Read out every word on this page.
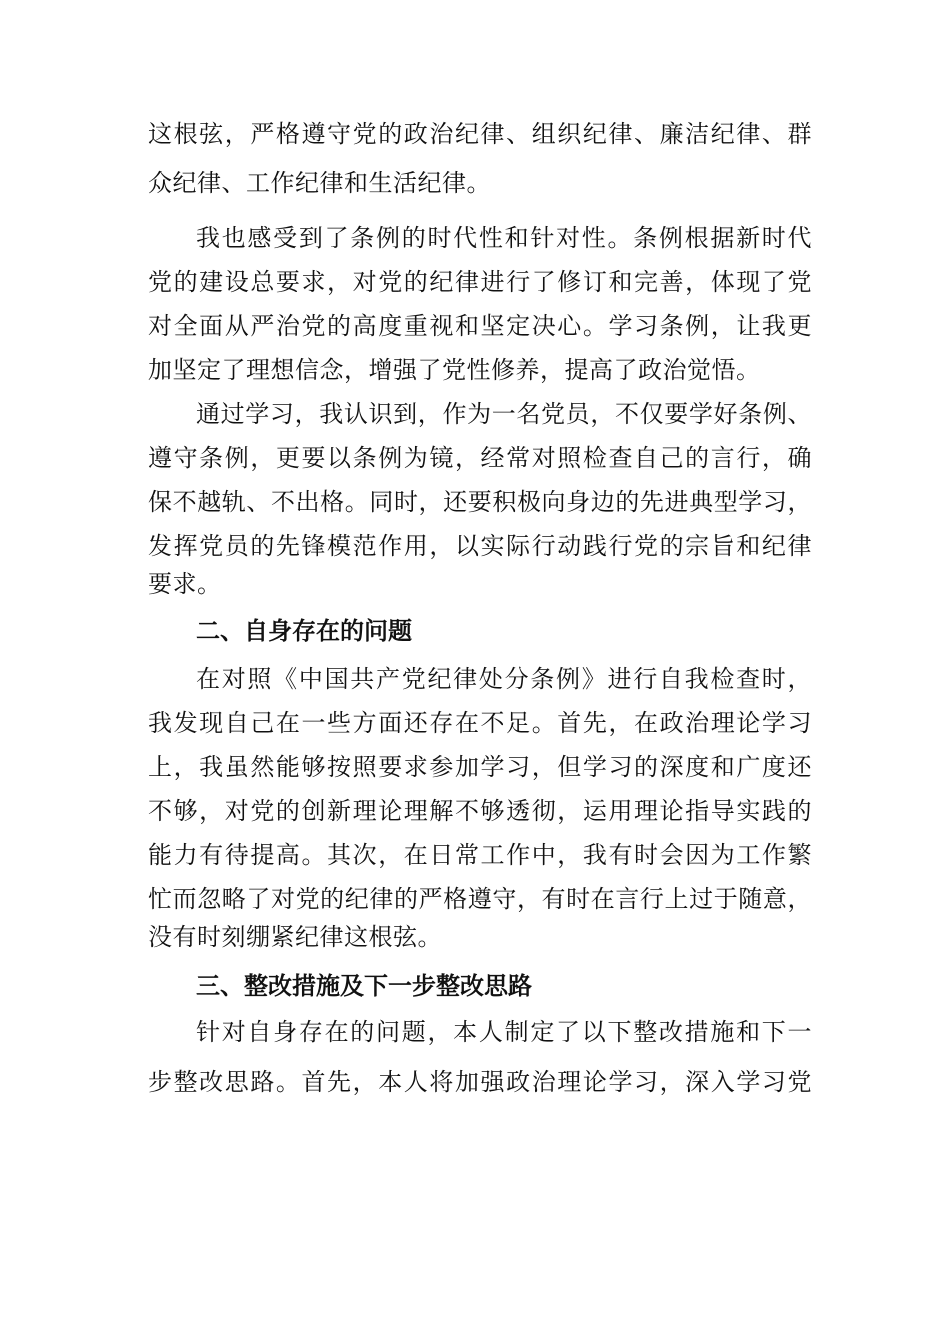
这根弦，严格遵守党的政治纪律、组织纪律、廉洁纪律、群
众纪律、工作纪律和生活纪律。
我也感受到了条例的时代性和针对性。条例根据新时代
党的建设总要求，对党的纪律进行了修订和完善，体现了党
对全面从严治党的高度重视和坚定决心。学习条例，让我更
加坚定了理想信念，增强了党性修养，提高了政治觉悟。
通过学习，我认识到，作为一名党员，不仅要学好条例、
遵守条例，更要以条例为镜，经常对照检查自己的言行，确
保不越轨、不出格。同时，还要积极向身边的先进典型学习，
发挥党员的先锋模范作用，以实际行动践行党的宗旨和纪律
要求。
二、自身存在的问题
在对照《中国共产党纪律处分条例》进行自我检查时，
我发现自己在一些方面还存在不足。首先，在政治理论学习
上，我虽然能够按照要求参加学习，但学习的深度和广度还
不够，对党的创新理论理解不够透彻，运用理论指导实践的
能力有待提高。其次，在日常工作中，我有时会因为工作繁
忙而忽略了对党的纪律的严格遵守，有时在言行上过于随意，
没有时刻绷紧纪律这根弦。
三、整改措施及下一步整改思路
针对自身存在的问题，本人制定了以下整改措施和下一
步整改思路。首先，本人将加强政治理论学习，深入学习党
